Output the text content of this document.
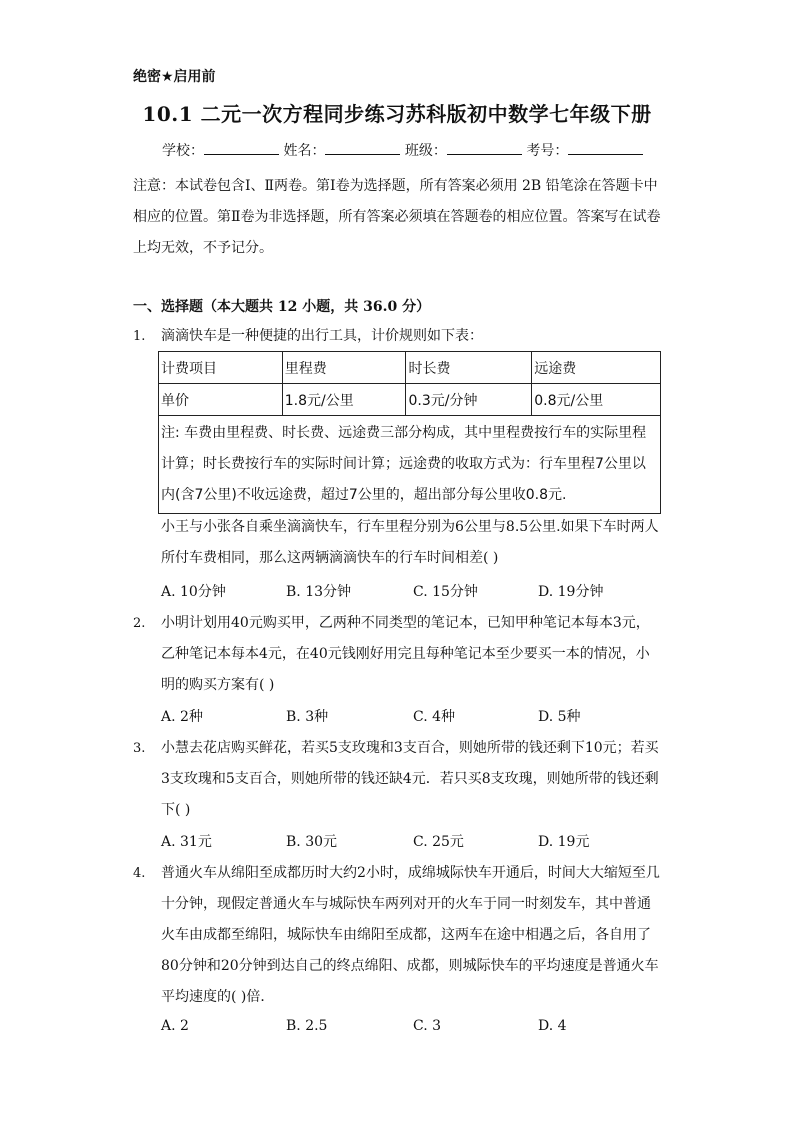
绝密★启用前
10.1 二元一次方程同步练习苏科版初中数学七年级下册
学校：	姓名：	班级：	考号：
注意：本试卷包含Ⅰ、Ⅱ两卷。第Ⅰ卷为选择题，所有答案必须用 2B 铅笔涂在答题卡中相应的位置。第Ⅱ卷为非选择题，所有答案必须填在答题卷的相应位置。答案写在试卷上均无效，不予记分。
一、选择题（本大题共 12 小题，共 36.0 分）
1. 滴滴快车是一种便捷的出行工具，计价规则如下表：
计费项目	里程费	时长费	远途费
单价	1.8元/公里	0.3元/分钟	0.8元/公里
注: 车费由里程费、时长费、远途费三部分构成，其中里程费按行车的实际里程计算；时长费按行车的实际时间计算；远途费的收取方式为：行车里程7公里以内(含7公里)不收远途费，超过7公里的，超出部分每公里收0.8元.			
小王与小张各自乘坐滴滴快车，行车里程分别为6公里与8.5公里.如果下车时两人所付车费相同，那么这两辆滴滴快车的行车时间相差( )
A. 10分钟	B. 13分钟	C. 15分钟	D. 19分钟
2. 小明计划用40元购买甲，乙两种不同类型的笔记本，已知甲种笔记本每本3元，乙种笔记本每本4元，在40元钱刚好用完且每种笔记本至少要买一本的情况，小明的购买方案有( )
A. 2种	B. 3种	C. 4种	D. 5种
3. 小慧去花店购买鲜花，若买5支玫瑰和3支百合，则她所带的钱还剩下10元；若买3支玫瑰和5支百合，则她所带的钱还缺4元．若只买8支玫瑰，则她所带的钱还剩下( )
A. 31元	B. 30元	C. 25元	D. 19元
4. 普通火车从绵阳至成都历时大约2小时，成绵城际快车开通后，时间大大缩短至几十分钟，现假定普通火车与城际快车两列对开的火车于同一时刻发车，其中普通火车由成都至绵阳，城际快车由绵阳至成都，这两车在途中相遇之后，各自用了80分钟和20分钟到达自己的终点绵阳、成都，则城际快车的平均速度是普通火车平均速度的( )倍．
A. 2	B. 2.5	C. 3	D. 4
